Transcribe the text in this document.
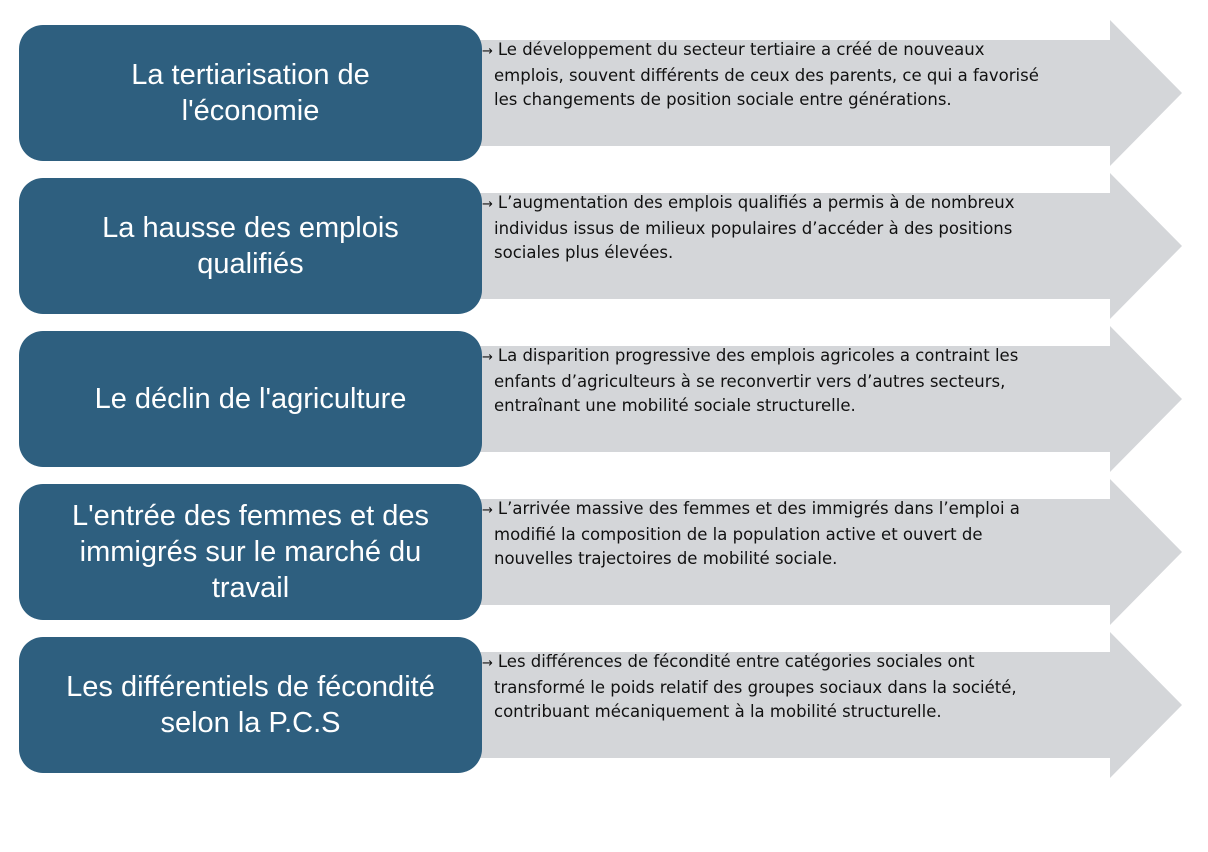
La tertiarisation de
l'économie
→ Le développement du secteur tertiaire a créé de nouveaux
emplois, souvent différents de ceux des parents, ce qui a favorisé
les changements de position sociale entre générations.
La hausse des emplois
qualifiés
→ L’augmentation des emplois qualifiés a permis à de nombreux
individus issus de milieux populaires d’accéder à des positions
sociales plus élevées.
Le déclin de l'agriculture
→ La disparition progressive des emplois agricoles a contraint les
enfants d’agriculteurs à se reconvertir vers d’autres secteurs,
entraînant une mobilité sociale structurelle.
L'entrée des femmes et des
immigrés sur le marché du
travail
→ L’arrivée massive des femmes et des immigrés dans l’emploi a
modifié la composition de la population active et ouvert de
nouvelles trajectoires de mobilité sociale.
Les différentiels de fécondité
selon la P.C.S
→ Les différences de fécondité entre catégories sociales ont
transformé le poids relatif des groupes sociaux dans la société,
contribuant mécaniquement à la mobilité structurelle.
